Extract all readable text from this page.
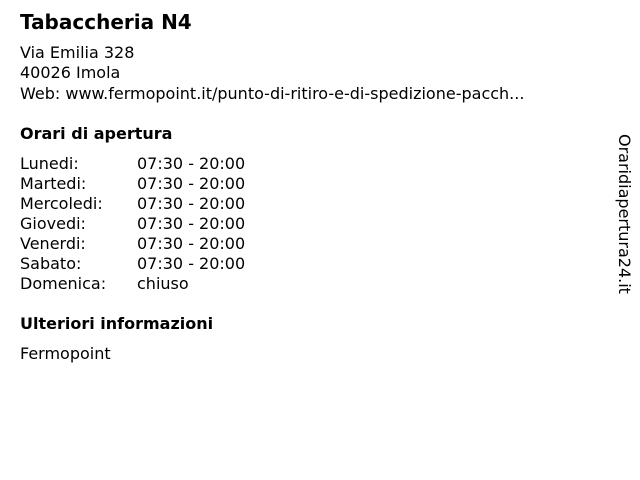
Tabaccheria N4
Via Emilia 328
40026 Imola
Web: www.fermopoint.it/punto-di-ritiro-e-di-spedizione-pacch...
Orari di apertura
Lunedi:	07:30 - 20:00
Martedi:	07:30 - 20:00
Mercoledi:	07:30 - 20:00
Giovedi:	07:30 - 20:00
Venerdi:	07:30 - 20:00
Sabato:	07:30 - 20:00
Domenica:	chiuso
Ulteriori informazioni
Fermopoint
Oraridiapertura24.it
